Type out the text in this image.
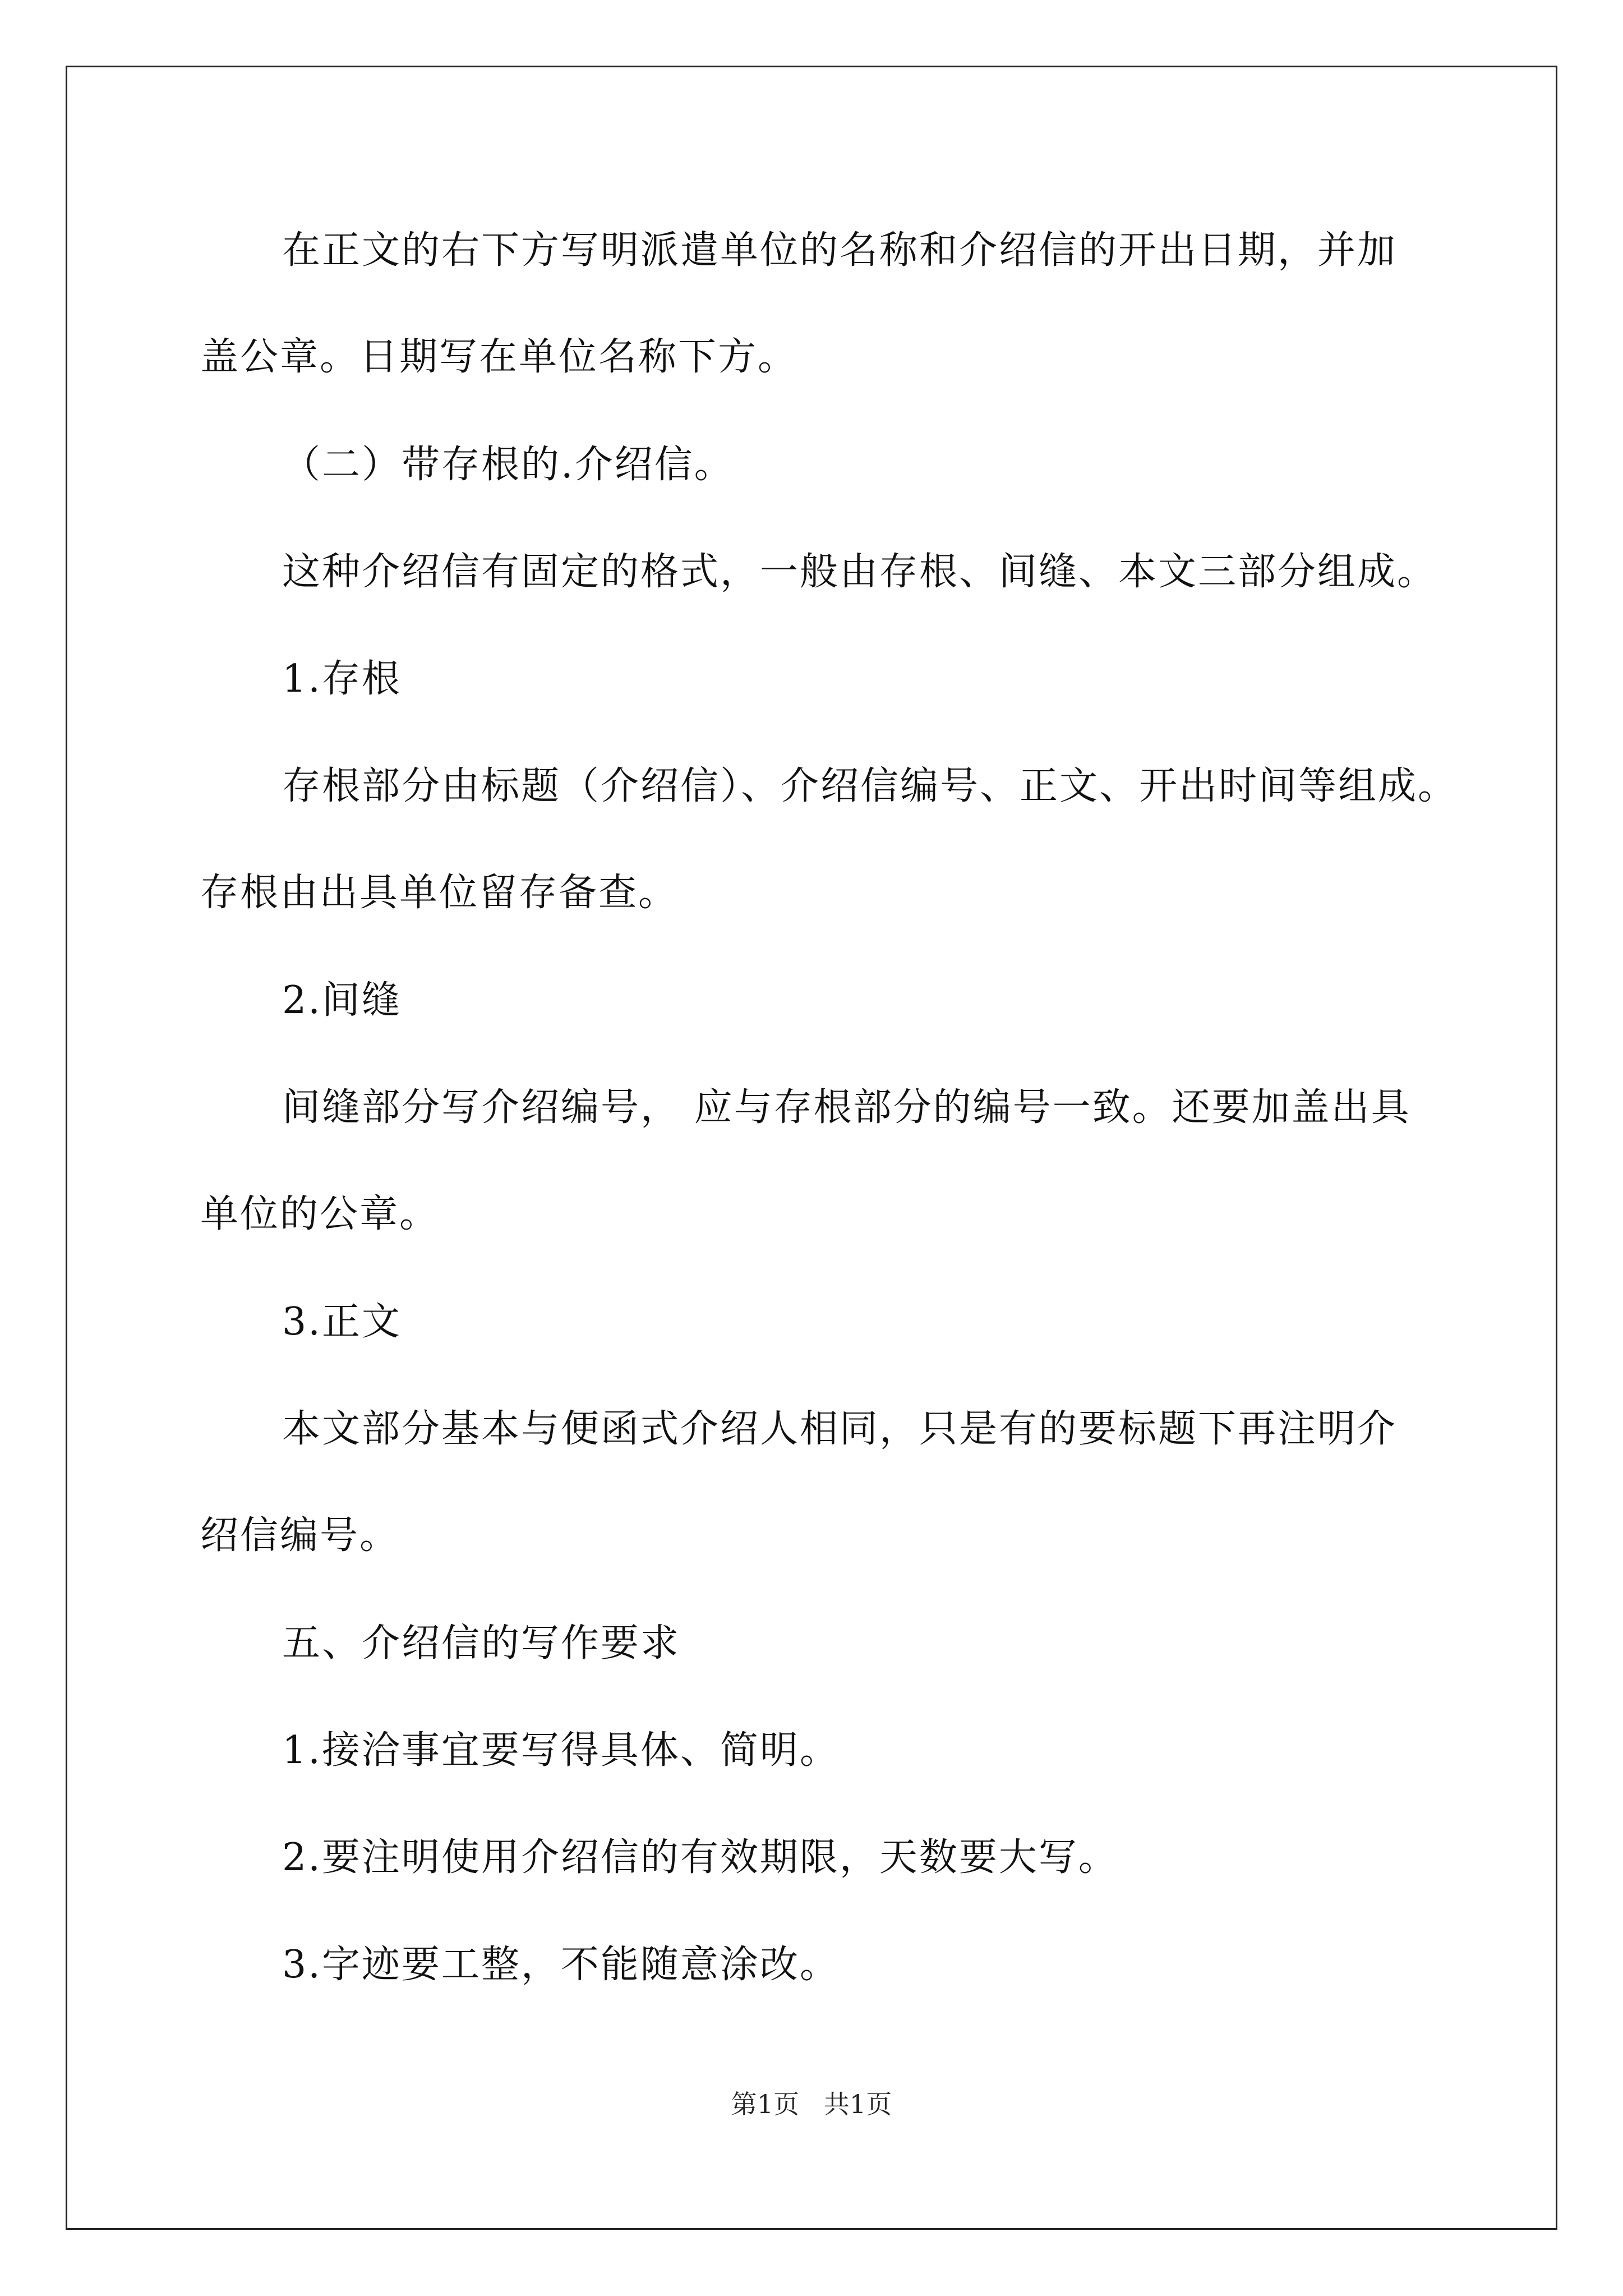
在正文的右下方写明派遣单位的名称和介绍信的开出日期，并加
盖公章。日期写在单位名称下方。
（二）带存根的.介绍信。
这种介绍信有固定的格式，一般由存根、间缝、本文三部分组成。
1.存根
存根部分由标题（介绍信）、介绍信编号、正文、开出时间等组成。
存根由出具单位留存备查。
2.间缝
间缝部分写介绍编号， 应与存根部分的编号一致。还要加盖出具
单位的公章。
3.正文
本文部分基本与便函式介绍人相同，只是有的要标题下再注明介
绍信编号。
五、介绍信的写作要求
1.接洽事宜要写得具体、简明。
2.要注明使用介绍信的有效期限，天数要大写。
3.字迹要工整，不能随意涂改。
第1页   共1页
